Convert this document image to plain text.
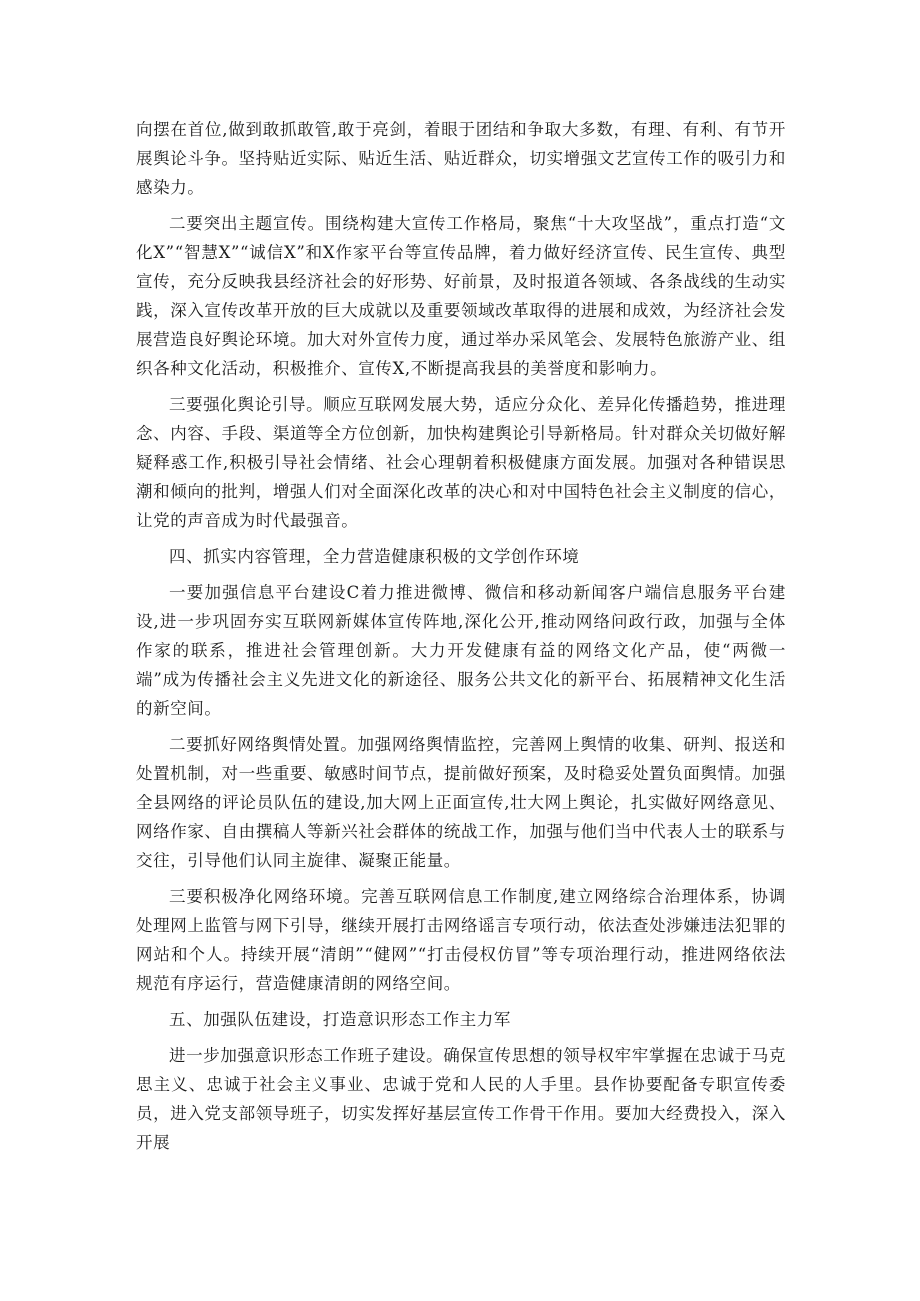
向摆在首位,做到敢抓敢管,敢于亮剑，着眼于团结和争取大多数，有理、有利、有节开展舆论斗争。坚持贴近实际、贴近生活、贴近群众，切实增强文艺宣传工作的吸引力和感染力。

二要突出主题宣传。围绕构建大宣传工作格局，聚焦“十大攻坚战”，重点打造“文化X”“智慧X”“诚信X”和X作家平台等宣传品牌，着力做好经济宣传、民生宣传、典型宣传，充分反映我县经济社会的好形势、好前景，及时报道各领域、各条战线的生动实践，深入宣传改革开放的巨大成就以及重要领域改革取得的进展和成效，为经济社会发展营造良好舆论环境。加大对外宣传力度，通过举办采风笔会、发展特色旅游产业、组织各种文化活动，积极推介、宣传X,不断提高我县的美誉度和影响力。

三要强化舆论引导。顺应互联网发展大势，适应分众化、差异化传播趋势，推进理念、内容、手段、渠道等全方位创新，加快构建舆论引导新格局。针对群众关切做好解疑释惑工作,积极引导社会情绪、社会心理朝着积极健康方面发展。加强对各种错误思潮和倾向的批判，增强人们对全面深化改革的决心和对中国特色社会主义制度的信心，让党的声音成为时代最强音。

四、抓实内容管理，全力营造健康积极的文学创作环境

一要加强信息平台建设C着力推进微博、微信和移动新闻客户端信息服务平台建设,进一步巩固夯实互联网新媒体宣传阵地,深化公开,推动网络问政行政，加强与全体作家的联系，推进社会管理创新。大力开发健康有益的网络文化产品，使“两微一端”成为传播社会主义先进文化的新途径、服务公共文化的新平台、拓展精神文化生活的新空间。

二要抓好网络舆情处置。加强网络舆情监控，完善网上舆情的收集、研判、报送和处置机制，对一些重要、敏感时间节点，提前做好预案，及时稳妥处置负面舆情。加强全县网络的评论员队伍的建设,加大网上正面宣传,壮大网上舆论，扎实做好网络意见、网络作家、自由撰稿人等新兴社会群体的统战工作，加强与他们当中代表人士的联系与交往，引导他们认同主旋律、凝聚正能量。

三要积极净化网络环境。完善互联网信息工作制度,建立网络综合治理体系，协调处理网上监管与网下引导，继续开展打击网络谣言专项行动，依法查处涉嫌违法犯罪的网站和个人。持续开展“清朗”“健网”“打击侵权仿冒”等专项治理行动，推进网络依法规范有序运行，营造健康清朗的网络空间。

五、加强队伍建设，打造意识形态工作主力军

进一步加强意识形态工作班子建设。确保宣传思想的领导权牢牢掌握在忠诚于马克思主义、忠诚于社会主义事业、忠诚于党和人民的人手里。县作协要配备专职宣传委员，进入党支部领导班子，切实发挥好基层宣传工作骨干作用。要加大经费投入，深入开展
